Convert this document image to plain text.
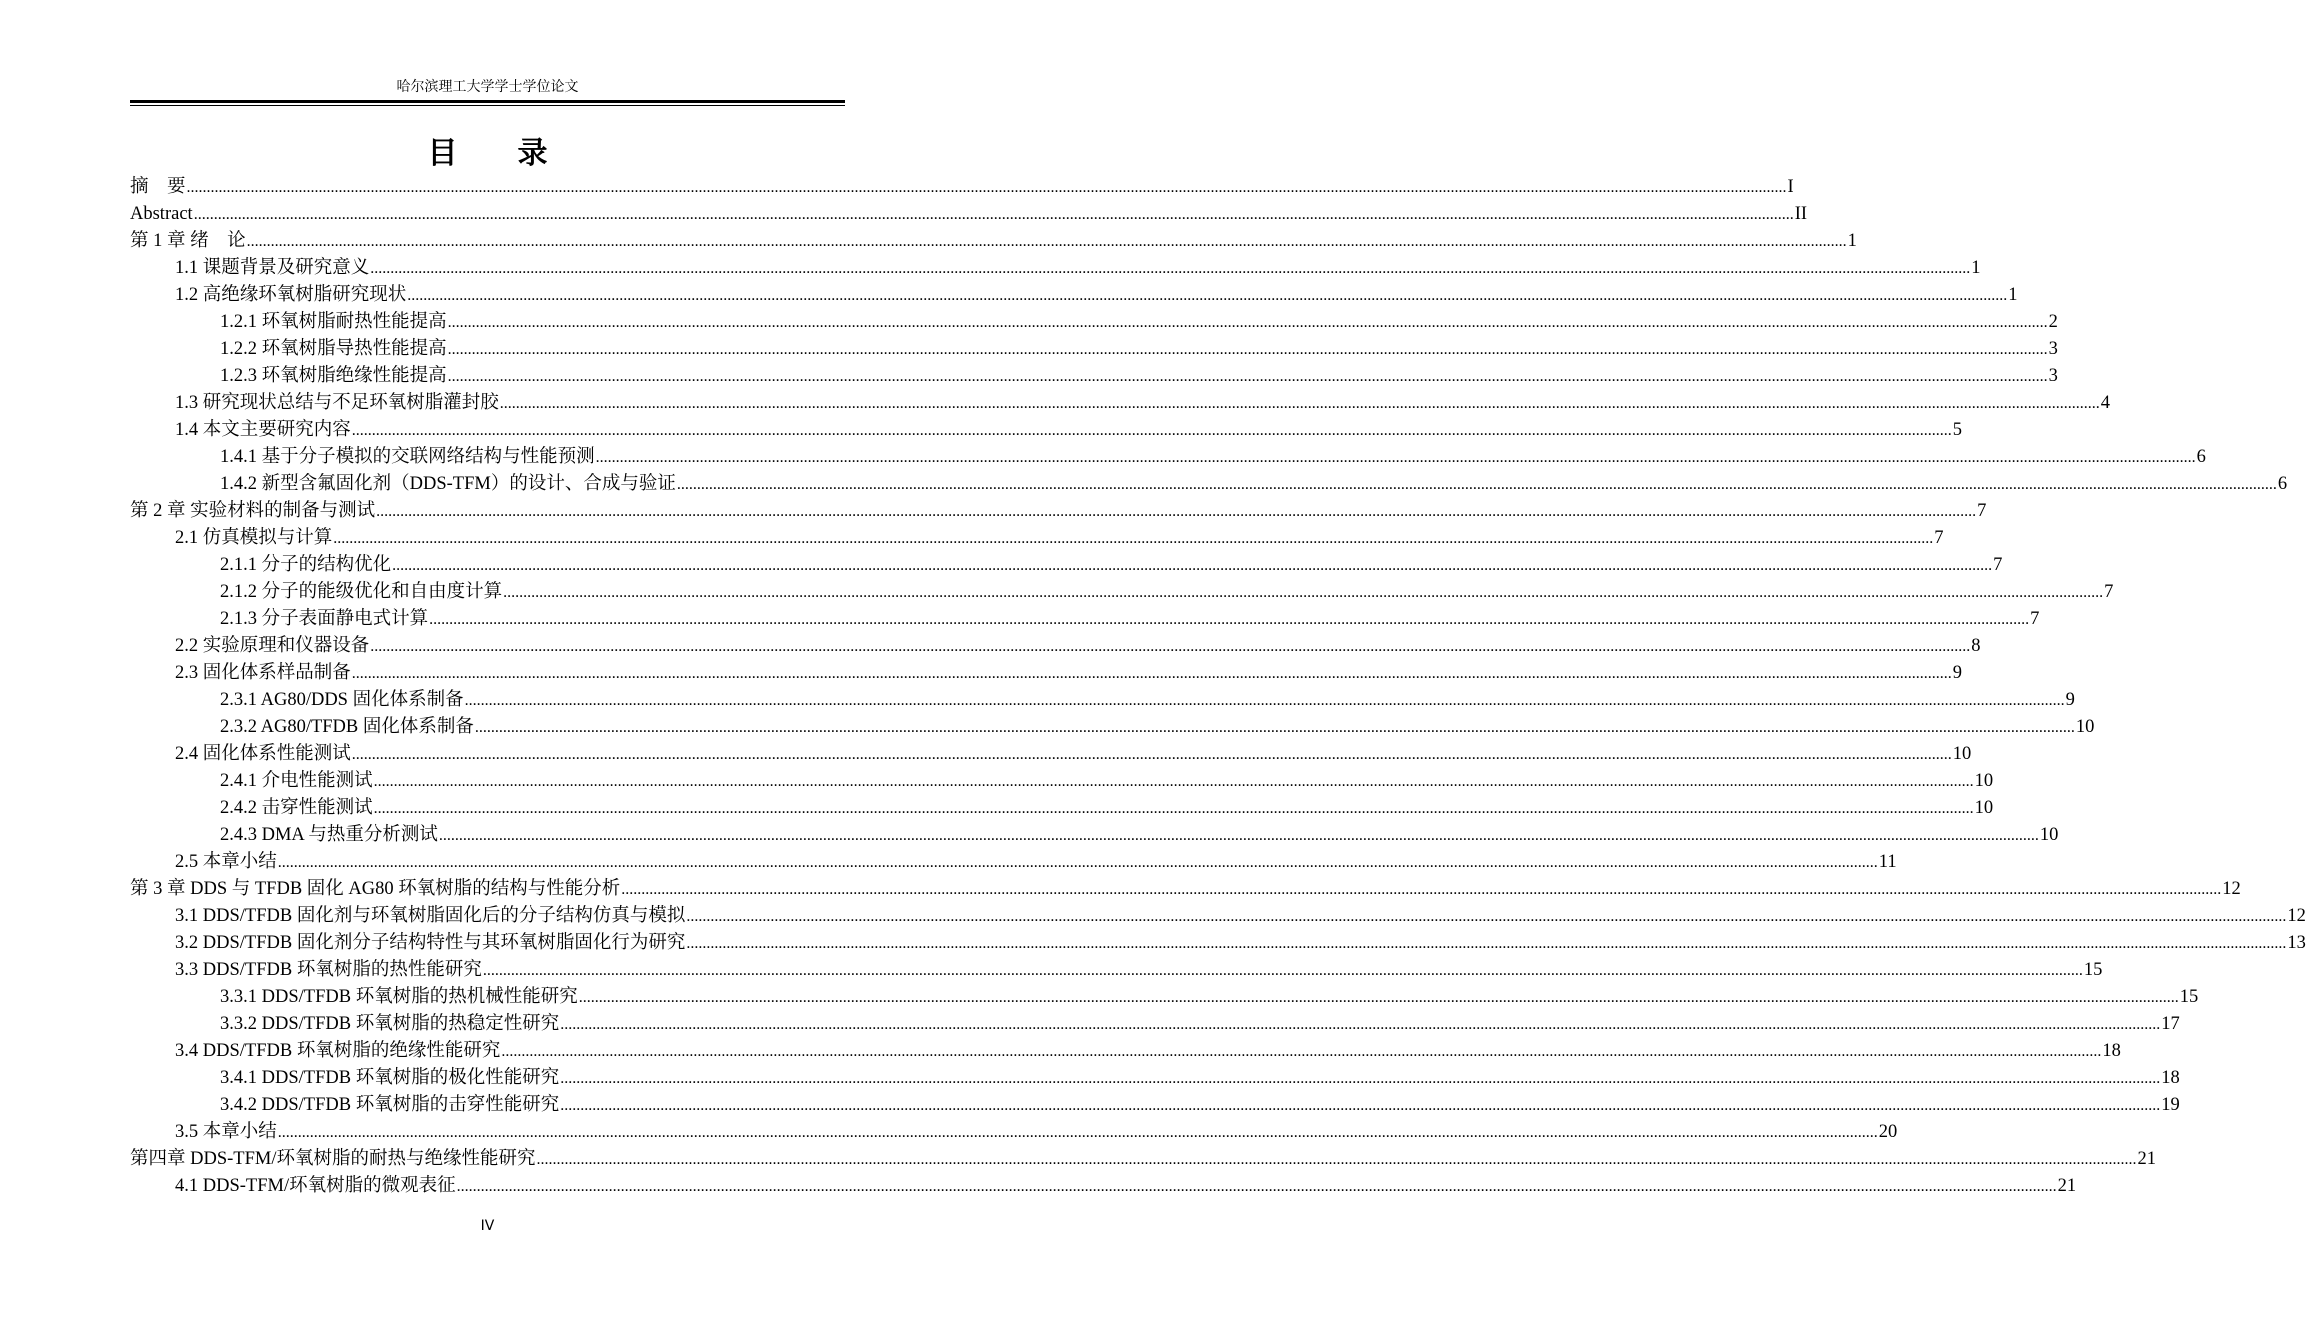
哈尔滨理工大学学士学位论文
目 录
摘　要 ................................................................................................................................................................................................................................................................................................................................................................................................................ I
Abstract ................................................................................................................................................................................................................................................................................................................................................................................................................ II
第 1 章 绪　论 ................................................................................................................................................................................................................................................................................................................................................................................................................ 1
1.1 课题背景及研究意义 ................................................................................................................................................................................................................................................................................................................................................................................................................ 1
1.2 高绝缘环氧树脂研究现状 ................................................................................................................................................................................................................................................................................................................................................................................................................ 1
1.2.1 环氧树脂耐热性能提高 ................................................................................................................................................................................................................................................................................................................................................................................................................ 2
1.2.2 环氧树脂导热性能提高 ................................................................................................................................................................................................................................................................................................................................................................................................................ 3
1.2.3 环氧树脂绝缘性能提高 ................................................................................................................................................................................................................................................................................................................................................................................................................ 3
1.3 研究现状总结与不足环氧树脂灌封胶 ................................................................................................................................................................................................................................................................................................................................................................................................................ 4
1.4 本文主要研究内容 ................................................................................................................................................................................................................................................................................................................................................................................................................ 5
1.4.1 基于分子模拟的交联网络结构与性能预测 ................................................................................................................................................................................................................................................................................................................................................................................................................ 6
1.4.2 新型含氟固化剂（DDS-TFM）的设计、合成与验证 ................................................................................................................................................................................................................................................................................................................................................................................................................ 6
第 2 章 实验材料的制备与测试 ................................................................................................................................................................................................................................................................................................................................................................................................................ 7
2.1 仿真模拟与计算 ................................................................................................................................................................................................................................................................................................................................................................................................................ 7
2.1.1 分子的结构优化 ................................................................................................................................................................................................................................................................................................................................................................................................................ 7
2.1.2 分子的能级优化和自由度计算 ................................................................................................................................................................................................................................................................................................................................................................................................................ 7
2.1.3 分子表面静电式计算 ................................................................................................................................................................................................................................................................................................................................................................................................................ 7
2.2 实验原理和仪器设备 ................................................................................................................................................................................................................................................................................................................................................................................................................ 8
2.3 固化体系样品制备 ................................................................................................................................................................................................................................................................................................................................................................................................................ 9
2.3.1 AG80/DDS 固化体系制备 ................................................................................................................................................................................................................................................................................................................................................................................................................ 9
2.3.2 AG80/TFDB 固化体系制备 ................................................................................................................................................................................................................................................................................................................................................................................................................ 10
2.4 固化体系性能测试 ................................................................................................................................................................................................................................................................................................................................................................................................................ 10
2.4.1 介电性能测试 ................................................................................................................................................................................................................................................................................................................................................................................................................ 10
2.4.2 击穿性能测试 ................................................................................................................................................................................................................................................................................................................................................................................................................ 10
2.4.3 DMA 与热重分析测试 ................................................................................................................................................................................................................................................................................................................................................................................................................ 10
2.5 本章小结 ................................................................................................................................................................................................................................................................................................................................................................................................................ 11
第 3 章 DDS 与 TFDB 固化 AG80 环氧树脂的结构与性能分析 ................................................................................................................................................................................................................................................................................................................................................................................................................ 12
3.1 DDS/TFDB 固化剂与环氧树脂固化后的分子结构仿真与模拟 ................................................................................................................................................................................................................................................................................................................................................................................................................ 12
3.2 DDS/TFDB 固化剂分子结构特性与其环氧树脂固化行为研究 ................................................................................................................................................................................................................................................................................................................................................................................................................ 13
3.3 DDS/TFDB 环氧树脂的热性能研究 ................................................................................................................................................................................................................................................................................................................................................................................................................ 15
3.3.1 DDS/TFDB 环氧树脂的热机械性能研究 ................................................................................................................................................................................................................................................................................................................................................................................................................ 15
3.3.2 DDS/TFDB 环氧树脂的热稳定性研究 ................................................................................................................................................................................................................................................................................................................................................................................................................ 17
3.4 DDS/TFDB 环氧树脂的绝缘性能研究 ................................................................................................................................................................................................................................................................................................................................................................................................................ 18
3.4.1 DDS/TFDB 环氧树脂的极化性能研究 ................................................................................................................................................................................................................................................................................................................................................................................................................ 18
3.4.2 DDS/TFDB 环氧树脂的击穿性能研究 ................................................................................................................................................................................................................................................................................................................................................................................................................ 19
3.5 本章小结 ................................................................................................................................................................................................................................................................................................................................................................................................................ 20
第四章 DDS-TFM/环氧树脂的耐热与绝缘性能研究 ................................................................................................................................................................................................................................................................................................................................................................................................................ 21
4.1 DDS-TFM/环氧树脂的微观表征 ................................................................................................................................................................................................................................................................................................................................................................................................................ 21
IV
